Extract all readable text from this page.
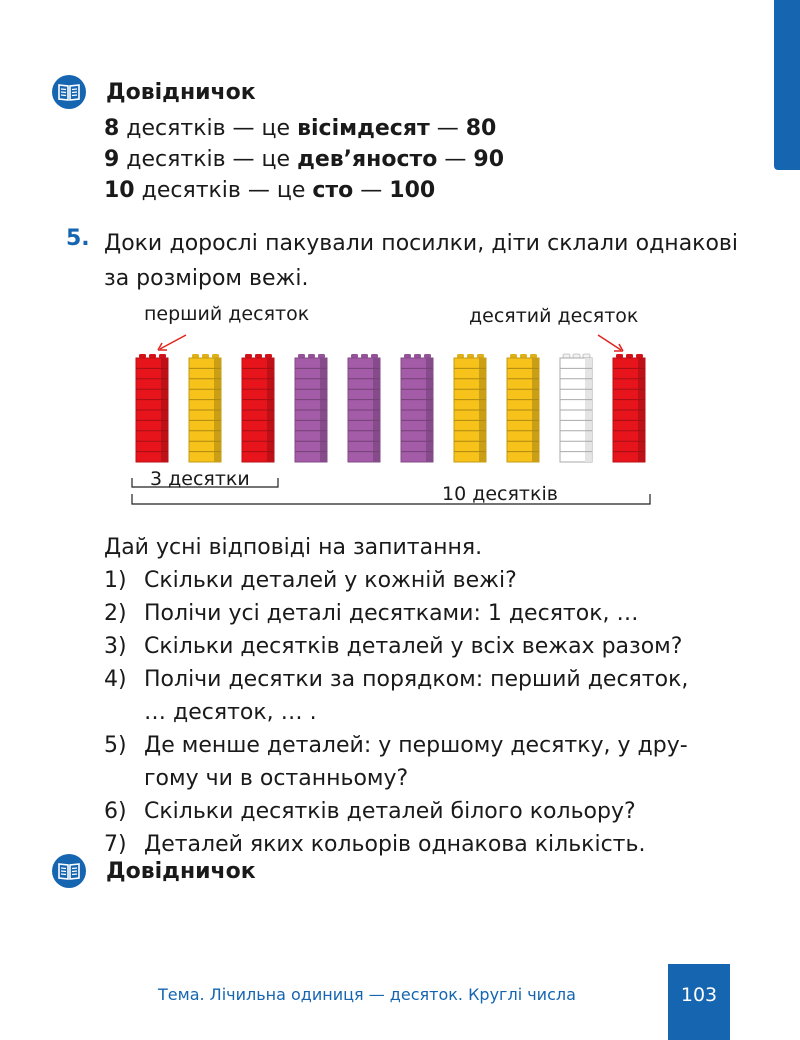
Довідничок
8 десятків — це вісімдесят — 80
9 десятків — це дев’яносто — 90
10 десятків — це сто — 100
5. Доки дорослі пакували посилки, діти склали однакові за розміром вежі.
перший десяток	десятий десяток
3 десятки
10 десятків
Дай усні відповіді на запитання.
1) Скільки деталей у кожній вежі?
2) Полічи усі деталі десятками: 1 десяток, …
3) Скільки десятків деталей у всіх вежах разом?
4) Полічи десятки за порядком: перший десяток,
… десяток, … .
5) Де менше деталей: у першому десятку, у дру-
гому чи в останньому?
6) Скільки десятків деталей білого кольору?
7) Деталей яких кольорів однакова кількість.
Довідничок
Тема. Лічильна одиниця — десяток. Круглі числа	103
